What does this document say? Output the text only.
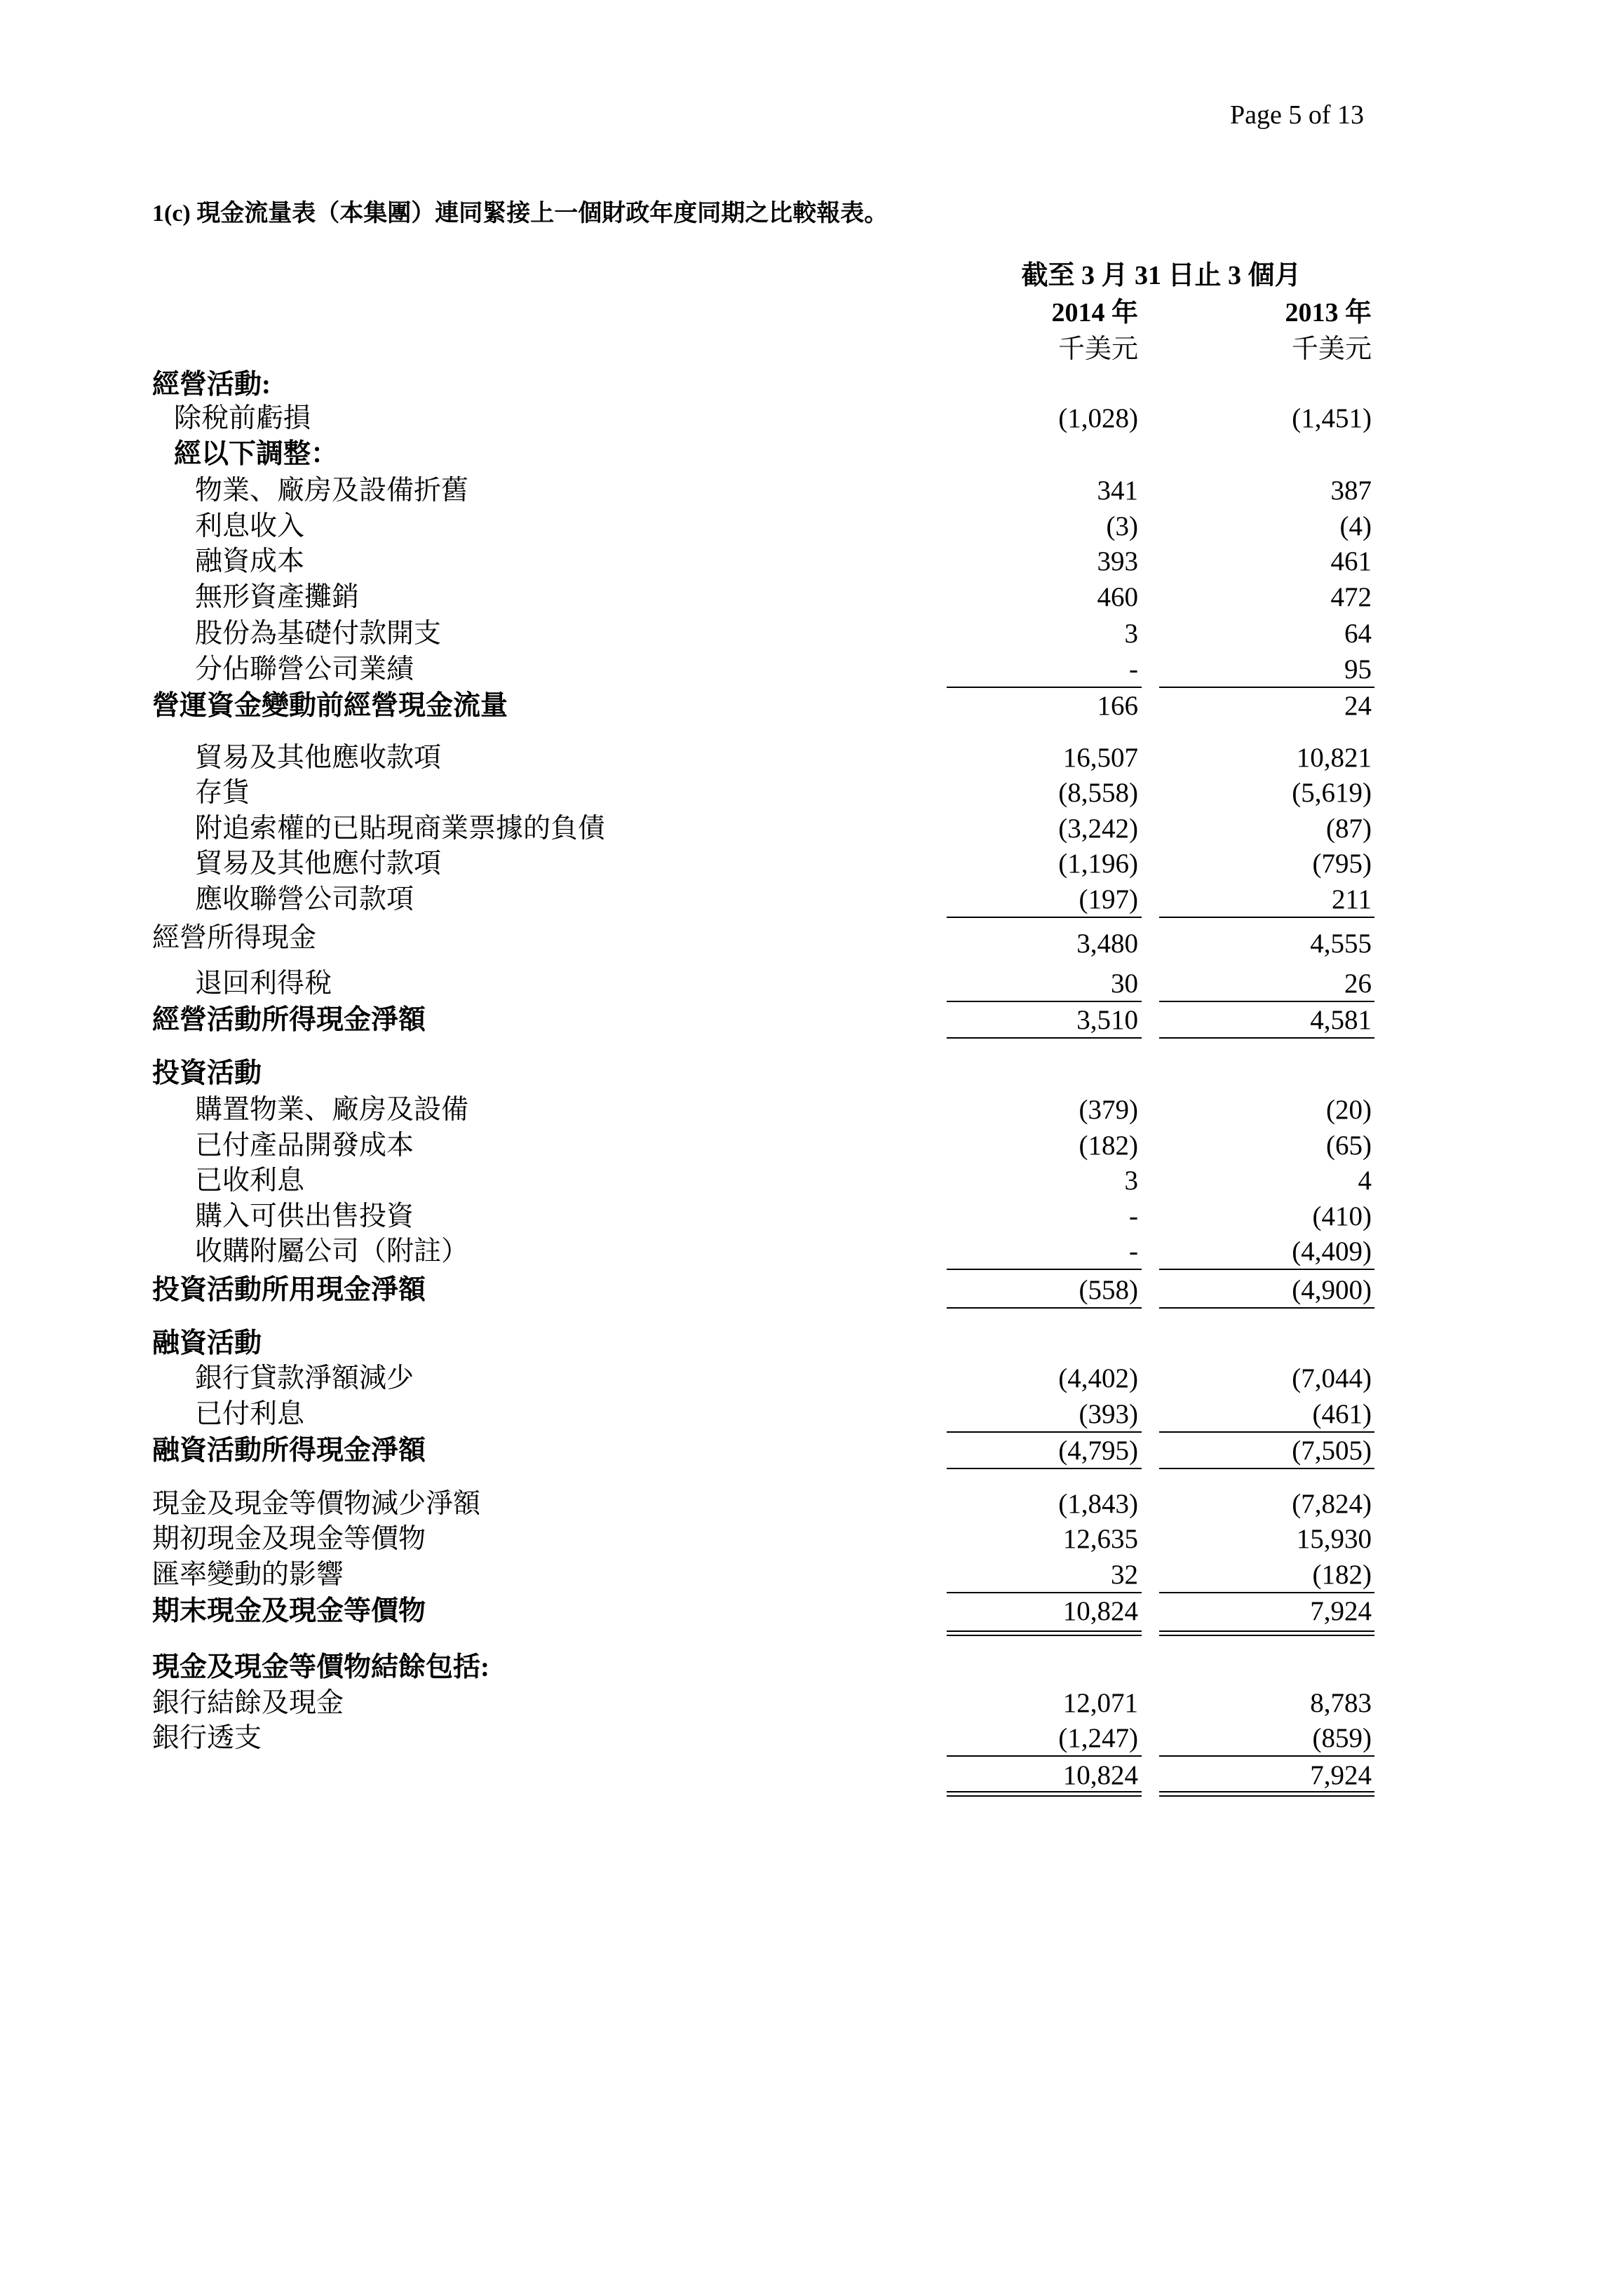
Page 5 of 13
1(c) 現金流量表（本集團）連同緊接上一個財政年度同期之比較報表。
截至 3 月 31 日止 3 個月
2014 年	2013 年
千美元	千美元
經營活動:
除稅前虧損	(1,028)	(1,451)
經以下調整：
物業、廠房及設備折舊	341	387
利息收入	(3)	(4)
融資成本	393	461
無形資產攤銷	460	472
股份為基礎付款開支	3	64
分佔聯營公司業績	-	95
營運資金變動前經營現金流量	166	24
貿易及其他應收款項	16,507	10,821
存貨	(8,558)	(5,619)
附追索權的已貼現商業票據的負債	(3,242)	(87)
貿易及其他應付款項	(1,196)	(795)
應收聯營公司款項	(197)	211
經營所得現金	3,480	4,555
退回利得稅	30	26
經營活動所得現金淨額	3,510	4,581
投資活動
購置物業、廠房及設備	(379)	(20)
已付產品開發成本	(182)	(65)
已收利息	3	4
購入可供出售投資	-	(410)
收購附屬公司（附註）	-	(4,409)
投資活動所用現金淨額	(558)	(4,900)
融資活動
銀行貸款淨額減少	(4,402)	(7,044)
已付利息	(393)	(461)
融資活動所得現金淨額	(4,795)	(7,505)
現金及現金等價物減少淨額	(1,843)	(7,824)
期初現金及現金等價物	12,635	15,930
匯率變動的影響	32	(182)
期末現金及現金等價物	10,824	7,924
現金及現金等價物結餘包括:
銀行結餘及現金	12,071	8,783
銀行透支	(1,247)	(859)
10,824	7,924
